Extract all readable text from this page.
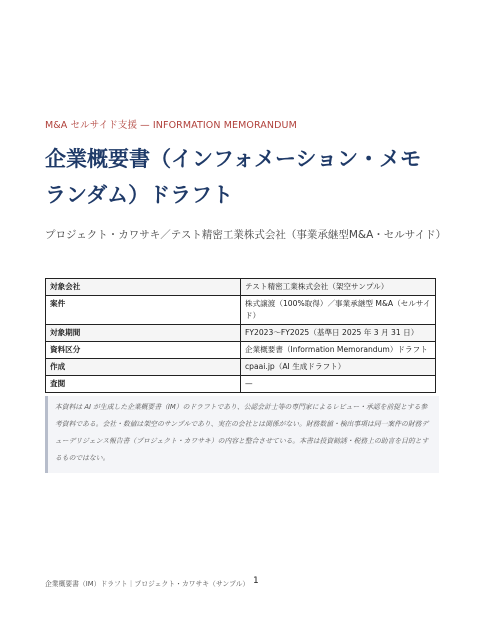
M&A セルサイド支援 — INFORMATION MEMORANDUM
企業概要書（インフォメーション・メモランダム）ドラフト

プロジェクト・カワサキ／テスト精密工業株式会社（事業承継型M&A・セルサイド）

対象会社	テスト精密工業株式会社（架空サンプル）
案件	株式譲渡（100%取得）／事業承継型 M&A（セルサイド）
対象期間	FY2023〜FY2025（基準日 2025 年 3 月 31 日）
資料区分	企業概要書（Information Memorandum）ドラフト
作成	cpaai.jp（AI 生成ドラフト）
査閲	—
本資料は AI が生成した企業概要書（IM）のドラフトであり、公認会計士等の専門家によるレビュー・承認を前提とする参考資料である。会社・数値は架空のサンプルであり、実在の会社とは関係がない。財務数値・検出事項は同一案件の財務デューデリジェンス報告書（プロジェクト・カワサキ）の内容と整合させている。本書は投資勧誘・税務上の助言を目的とするものではない。
企業概要書（IM）ドラフト｜プロジェクト・カワサキ（サンプル） 1
